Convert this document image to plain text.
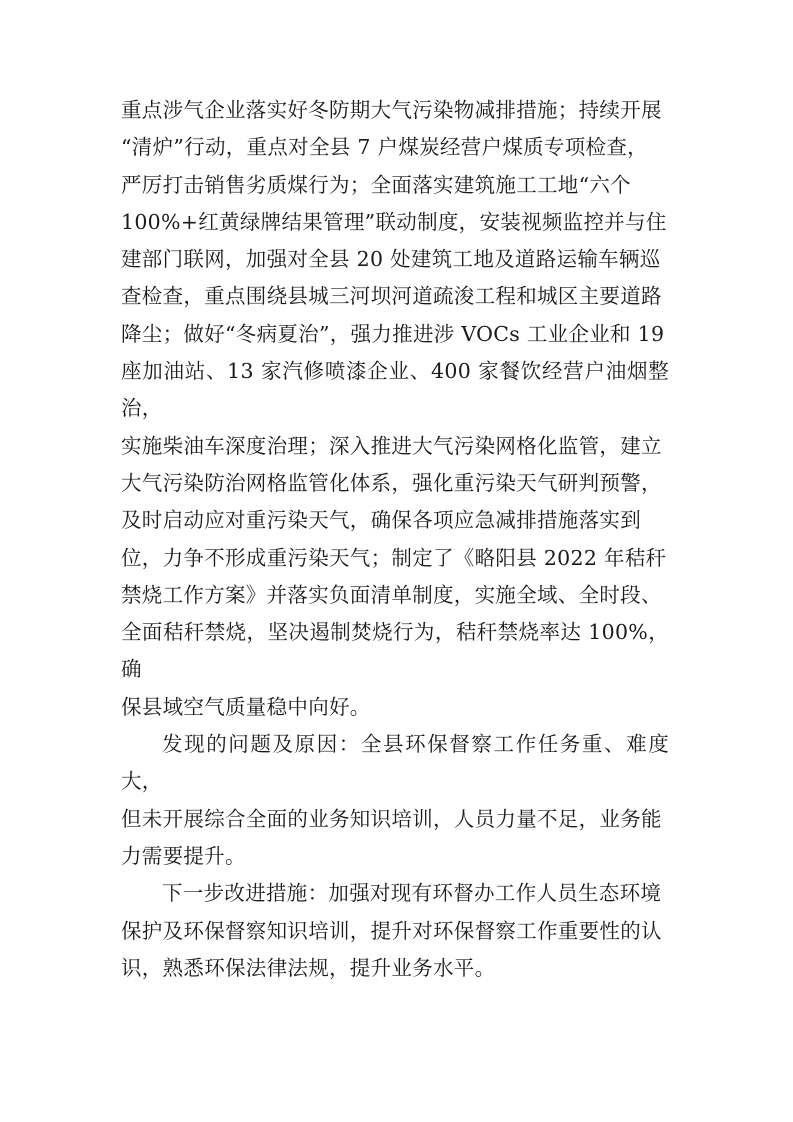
重点涉气企业落实好冬防期大气污染物减排措施；持续开展
“清炉”行动，重点对全县 7 户煤炭经营户煤质专项检查，
严厉打击销售劣质煤行为；全面落实建筑施工工地“六个
100%+红黄绿牌结果管理”联动制度，安装视频监控并与住
建部门联网，加强对全县 20 处建筑工地及道路运输车辆巡
查检查，重点围绕县城三河坝河道疏浚工程和城区主要道路
降尘；做好“冬病夏治”，强力推进涉 VOCs 工业企业和 19
座加油站、13 家汽修喷漆企业、400 家餐饮经营户油烟整治，
实施柴油车深度治理；深入推进大气污染网格化监管，建立
大气污染防治网格监管化体系，强化重污染天气研判预警，
及时启动应对重污染天气，确保各项应急减排措施落实到
位，力争不形成重污染天气；制定了《略阳县 2022 年秸秆
禁烧工作方案》并落实负面清单制度，实施全域、全时段、
全面秸秆禁烧，坚决遏制焚烧行为，秸秆禁烧率达 100%，确
保县域空气质量稳中向好。

发现的问题及原因：全县环保督察工作任务重、难度大，
但未开展综合全面的业务知识培训，人员力量不足，业务能
力需要提升。

下一步改进措施：加强对现有环督办工作人员生态环境
保护及环保督察知识培训，提升对环保督察工作重要性的认
识，熟悉环保法律法规，提升业务水平。
